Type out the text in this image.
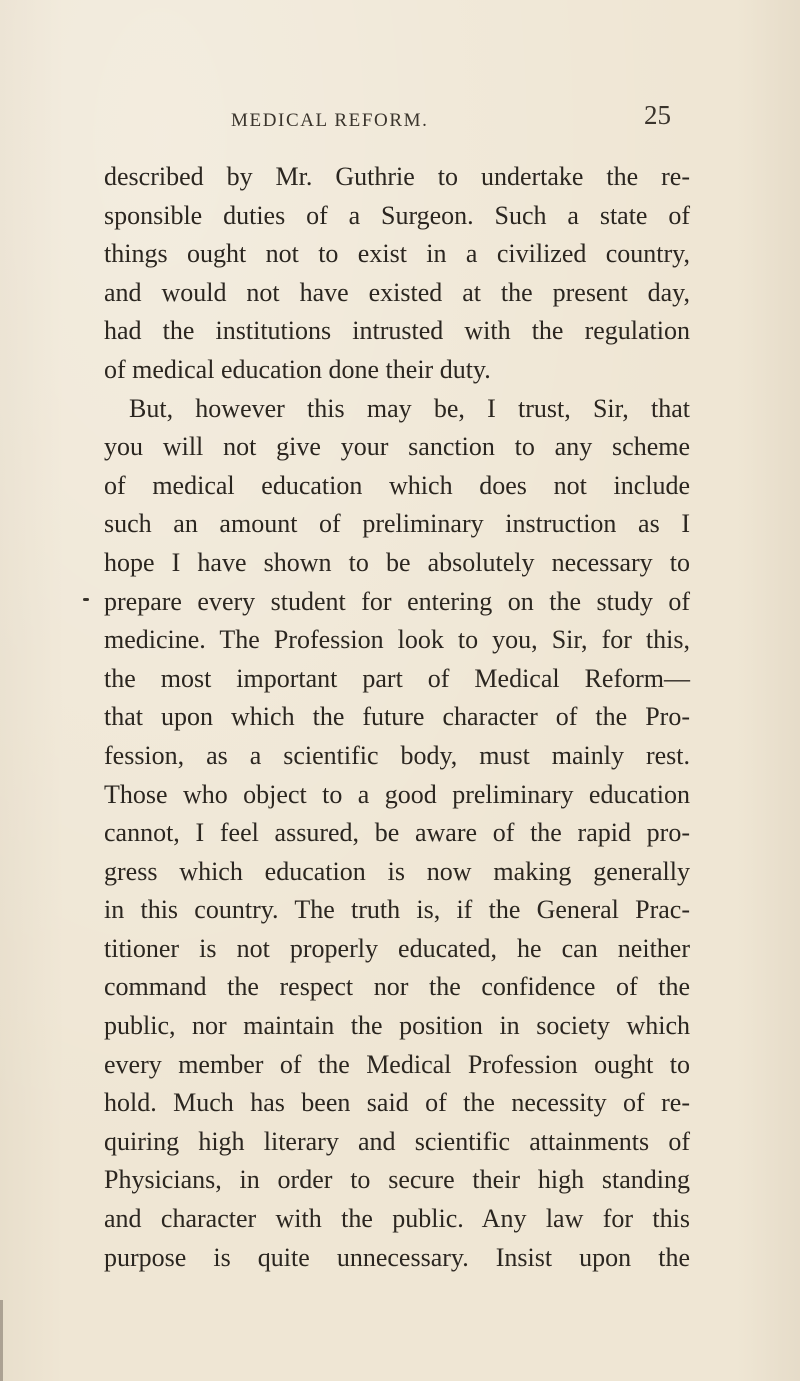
MEDICAL REFORM.	25
described by Mr. Guthrie to undertake the re-
sponsible duties of a Surgeon. Such a state of
things ought not to exist in a civilized country,
and would not have existed at the present day,
had the institutions intrusted with the regulation
of medical education done their duty.
But, however this may be, I trust, Sir, that
you will not give your sanction to any scheme
of medical education which does not include
such an amount of preliminary instruction as I
hope I have shown to be absolutely necessary to
prepare every student for entering on the study of
medicine. The Profession look to you, Sir, for this,
the most important part of Medical Reform—
that upon which the future character of the Pro-
fession, as a scientific body, must mainly rest.
Those who object to a good preliminary education
cannot, I feel assured, be aware of the rapid pro-
gress which education is now making generally
in this country. The truth is, if the General Prac-
titioner is not properly educated, he can neither
command the respect nor the confidence of the
public, nor maintain the position in society which
every member of the Medical Profession ought to
hold. Much has been said of the necessity of re-
quiring high literary and scientific attainments of
Physicians, in order to secure their high standing
and character with the public. Any law for this
purpose is quite unnecessary. Insist upon the
